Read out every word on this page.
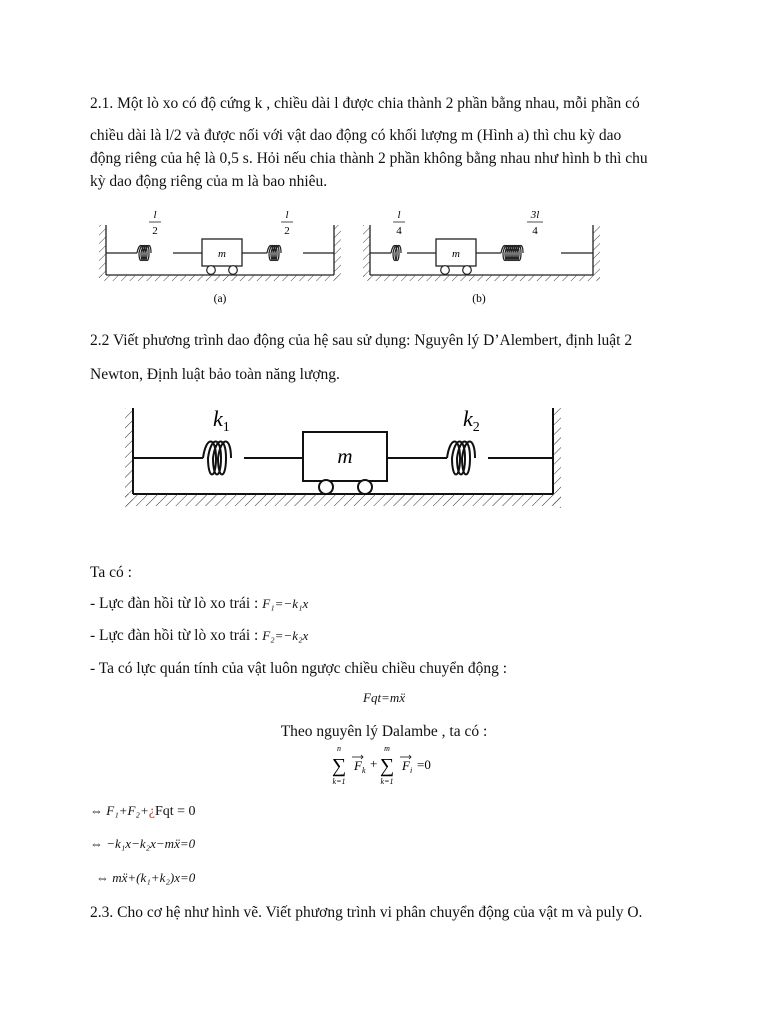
2.1. Một lò xo có độ cứng k , chiều dài l được chia thành 2 phần bằng nhau, mỗi phần có

chiều dài là l/2 và được nối với vật dao động có khối lượng m (Hình a) thì chu kỳ dao

động riêng của hệ là 0,5 s. Hỏi nếu chia thành 2 phần không bằng nhau như hình b thì chu

kỳ dao động riêng của m là bao nhiêu.

m
l
2
l
2
(a)
m
l
4
3l
4
(b)

2.2 Viết phương trình dao động của hệ sau sử dụng: Nguyên lý D’Alembert, định luật 2

Newton, Định luật bảo toàn năng lượng.

m
$k_1$	$k_2$

Ta có :

- Lực đàn hồi từ lò xo trái : F₁=−k₁x

- Lực đàn hồi từ lò xo trái : F₂=−k₂x

- Ta có lực quán tính của vật luôn ngược chiều chiều chuyển động :

Fqt=mẍ

Theo nguyên lý Dalambe , ta có :

n
∑
k=1
$F_k$ +
m
∑
k=1
$F_i =0$

⇔ F₁+F₂+¿Fqt = 0

⇔ −k₁x−k₂x−mẍ=0

⇔ mẍ+(k₁+k₂)x=0

2.3. Cho cơ hệ như hình vẽ. Viết phương trình vi phân chuyển động của vật m và puly O.
